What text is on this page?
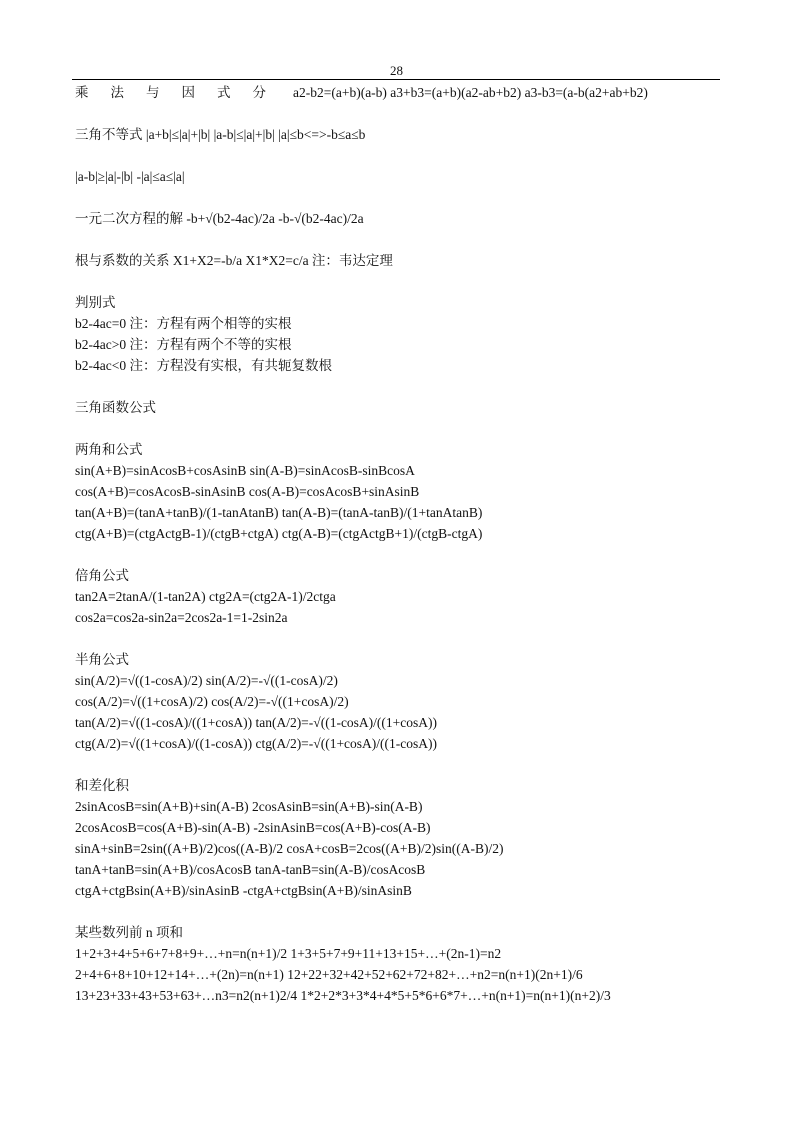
28
乘法与因式分 a2-b2=(a+b)(a-b) a3+b3=(a+b)(a2-ab+b2) a3-b3=(a-b(a2+ab+b2)
三角不等式 |a+b|≤|a|+|b| |a-b|≤|a|+|b| |a|≤b<=>-b≤a≤b
|a-b|≥|a|-|b| -|a|≤a≤|a|
一元二次方程的解 -b+√(b2-4ac)/2a -b-√(b2-4ac)/2a
根与系数的关系 X1+X2=-b/a X1*X2=c/a 注：韦达定理
判别式
b2-4ac=0 注：方程有两个相等的实根
b2-4ac>0 注：方程有两个不等的实根
b2-4ac<0 注：方程没有实根，有共轭复数根
三角函数公式
两角和公式
sin(A+B)=sinAcosB+cosAsinB sin(A-B)=sinAcosB-sinBcosA
cos(A+B)=cosAcosB-sinAsinB cos(A-B)=cosAcosB+sinAsinB
tan(A+B)=(tanA+tanB)/(1-tanAtanB) tan(A-B)=(tanA-tanB)/(1+tanAtanB)
ctg(A+B)=(ctgActgB-1)/(ctgB+ctgA) ctg(A-B)=(ctgActgB+1)/(ctgB-ctgA)
倍角公式
tan2A=2tanA/(1-tan2A) ctg2A=(ctg2A-1)/2ctga
cos2a=cos2a-sin2a=2cos2a-1=1-2sin2a
半角公式
sin(A/2)=√((1-cosA)/2) sin(A/2)=-√((1-cosA)/2)
cos(A/2)=√((1+cosA)/2) cos(A/2)=-√((1+cosA)/2)
tan(A/2)=√((1-cosA)/((1+cosA)) tan(A/2)=-√((1-cosA)/((1+cosA))
ctg(A/2)=√((1+cosA)/((1-cosA)) ctg(A/2)=-√((1+cosA)/((1-cosA))
和差化积
2sinAcosB=sin(A+B)+sin(A-B) 2cosAsinB=sin(A+B)-sin(A-B)
2cosAcosB=cos(A+B)-sin(A-B) -2sinAsinB=cos(A+B)-cos(A-B)
sinA+sinB=2sin((A+B)/2)cos((A-B)/2 cosA+cosB=2cos((A+B)/2)sin((A-B)/2)
tanA+tanB=sin(A+B)/cosAcosB tanA-tanB=sin(A-B)/cosAcosB
ctgA+ctgBsin(A+B)/sinAsinB -ctgA+ctgBsin(A+B)/sinAsinB
某些数列前 n 项和
1+2+3+4+5+6+7+8+9+…+n=n(n+1)/2 1+3+5+7+9+11+13+15+…+(2n-1)=n2
2+4+6+8+10+12+14+…+(2n)=n(n+1) 12+22+32+42+52+62+72+82+…+n2=n(n+1)(2n+1)/6
13+23+33+43+53+63+…n3=n2(n+1)2/4 1*2+2*3+3*4+4*5+5*6+6*7+…+n(n+1)=n(n+1)(n+2)/3
